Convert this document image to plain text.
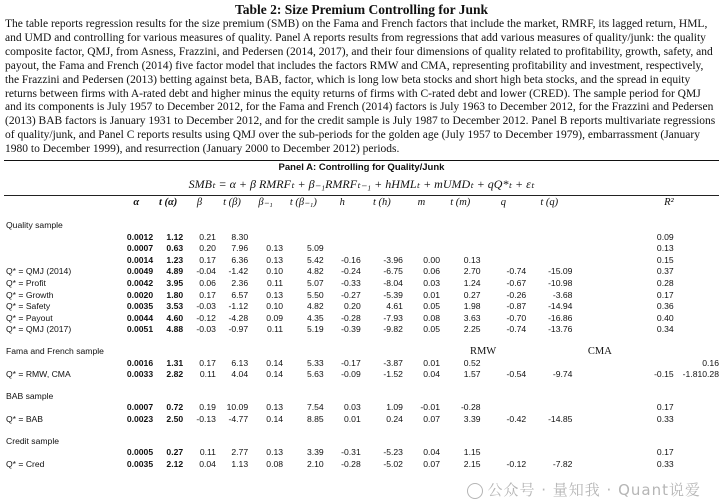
Table 2: Size Premium Controlling for Junk
The table reports regression results for the size premium (SMB) on the Fama and French factors that include the market, RMRF, its lagged return, HML, and UMD and controlling for various measures of quality. Panel A reports results from regressions that add various measures of quality/junk: the quality composite factor, QMJ, from Asness, Frazzini, and Pedersen (2014, 2017), and their four dimensions of quality related to profitability, growth, safety, and payout, the Fama and French (2014) five factor model that includes the factors RMW and CMA, representing profitability and investment, respectively, the Frazzini and Pedersen (2013) betting against beta, BAB, factor, which is long low beta stocks and short high beta stocks, and the spread in equity returns between firms with A-rated debt and higher minus the equity returns of firms with C-rated debt and lower (CRED). The sample period for QMJ and its components is July 1957 to December 2012, for the Fama and French (2014) factors is July 1963 to December 2012, for the Frazzini and Pedersen (2013) BAB factors is January 1931 to December 2012, and for the credit sample is July 1987 to December 2012. Panel B reports multivariate regressions of quality/junk, and Panel C reports results using QMJ over the sub-periods for the golden age (July 1957 to December 1979), embarrassment (January 1980 to December 1999), and resurrection (January 2000 to December 2012) periods.
Panel A: Controlling for Quality/Junk
SMBₜ = α + β RMRFₜ + β₋₁RMRFₜ₋₁ + hHMLₜ + mUMDₜ + qQ*ₜ + εₜ
	α	t (α)	β	t (β)	β₋₁	t (β₋₁)	h	t (h)	m	t (m)	q	t (q)	R²		

Quality sample															
	0.0012	1.12	0.21	8.30									0.09		
	0.0007	0.63	0.20	7.96	0.13	5.09							0.13		
	0.0014	1.23	0.17	6.36	0.13	5.42	-0.16	-3.96	0.00	0.13			0.15		
Q* = QMJ (2014)	0.0049	4.89	-0.04	-1.42	0.10	4.82	-0.24	-6.75	0.06	2.70	-0.74	-15.09	0.37		
Q* = Profit	0.0042	3.95	0.06	2.36	0.11	5.07	-0.33	-8.04	0.03	1.24	-0.67	-10.98	0.28		
Q* = Growth	0.0020	1.80	0.17	6.57	0.13	5.50	-0.27	-5.39	0.01	0.27	-0.26	-3.68	0.17		
Q* = Safety	0.0035	3.53	-0.03	-1.12	0.10	4.82	0.20	4.61	0.05	1.98	-0.87	-14.94	0.36		
Q* = Payout	0.0044	4.60	-0.12	-4.28	0.09	4.35	-0.28	-7.93	0.08	3.63	-0.70	-16.86	0.40		
Q* = QMJ (2017)	0.0051	4.88	-0.03	-0.97	0.11	5.19	-0.39	-9.82	0.05	2.25	-0.74	-13.76	0.34		

Fama and French sample										RMW		CMA			
	0.0016	1.31	0.17	6.13	0.14	5.33	-0.17	-3.87	0.01	0.52					0.16
Q* = RMW, CMA	0.0033	2.82	0.11	4.04	0.14	5.63	-0.09	-1.52	0.04	1.57	-0.54	-9.74	-0.15	-1.81	0.28

BAB sample															
	0.0007	0.72	0.19	10.09	0.13	7.54	0.03	1.09	-0.01	-0.28			0.17		
Q* = BAB	0.0023	2.50	-0.13	-4.77	0.14	8.85	0.01	0.24	0.07	3.39	-0.42	-14.85	0.33		

Credit sample															
	0.0005	0.27	0.11	2.77	0.13	3.39	-0.31	-5.23	0.04	1.15			0.17		
Q* = Cred	0.0035	2.12	0.04	1.13	0.08	2.10	-0.28	-5.02	0.07	2.15	-0.12	-7.82	0.33		
公众号 · 量知我 · Quant说爱
